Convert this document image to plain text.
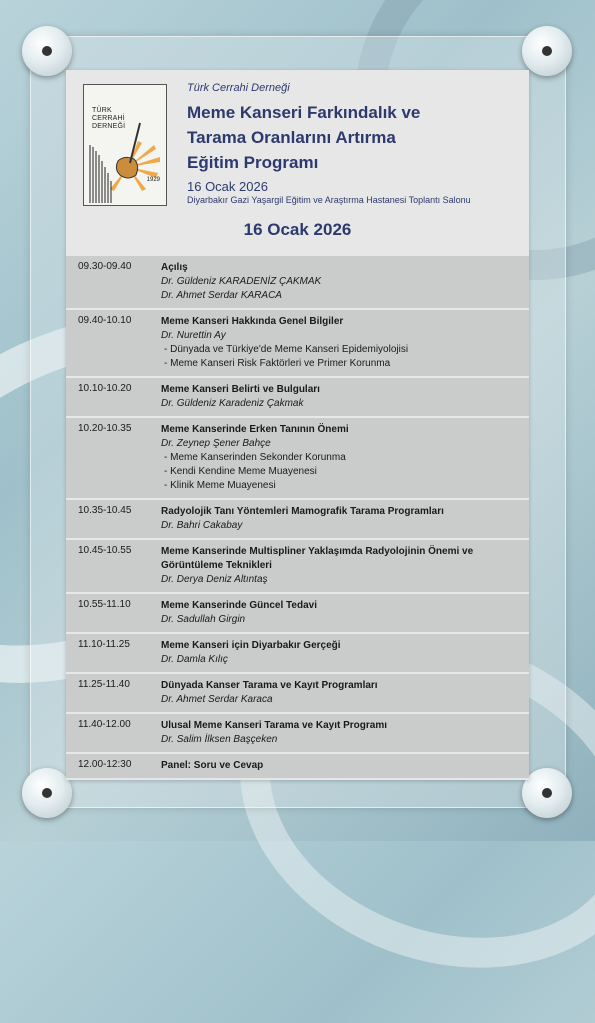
TÜRK
CERRAHİ
DERNEĞİ
1929
Türk Cerrahi Derneği
Meme Kanseri Farkındalık ve
Tarama Oranlarını Artırma
Eğitim Programı
16 Ocak 2026
Diyarbakır Gazi Yaşargil Eğitim ve Araştırma Hastanesi Toplantı Salonu
16 Ocak 2026
09.30-09.40	Açılış
Dr. Güldeniz KARADENİZ ÇAKMAK
Dr. Ahmet Serdar KARACA
09.40-10.10	Meme Kanseri Hakkında Genel Bilgiler
Dr. Nurettin Ay
- Dünyada ve Türkiye'de Meme Kanseri Epidemiyolojisi
- Meme Kanseri Risk Faktörleri ve Primer Korunma
10.10-10.20	Meme Kanseri Belirti ve Bulguları
Dr. Güldeniz Karadeniz Çakmak
10.20-10.35	Meme Kanserinde Erken Tanının Önemi
Dr. Zeynep Şener Bahçe
- Meme Kanserinden Sekonder Korunma
- Kendi Kendine Meme Muayenesi
- Klinik Meme Muayenesi
10.35-10.45	Radyolojik Tanı Yöntemleri Mamografik Tarama Programları
Dr. Bahri Cakabay
10.45-10.55	Meme Kanserinde Multispliner Yaklaşımda Radyolojinin Önemi ve Görüntüleme Teknikleri
Dr. Derya Deniz Altıntaş
10.55-11.10	Meme Kanserinde Güncel Tedavi
Dr. Sadullah Girgin
11.10-11.25	Meme Kanseri için Diyarbakır Gerçeği
Dr. Damla Kılıç
11.25-11.40	Dünyada Kanser Tarama ve Kayıt Programları
Dr. Ahmet Serdar Karaca
11.40-12.00	Ulusal Meme Kanseri Tarama ve Kayıt Programı
Dr. Salim İlksen Başçeken
12.00-12:30	Panel: Soru ve Cevap
